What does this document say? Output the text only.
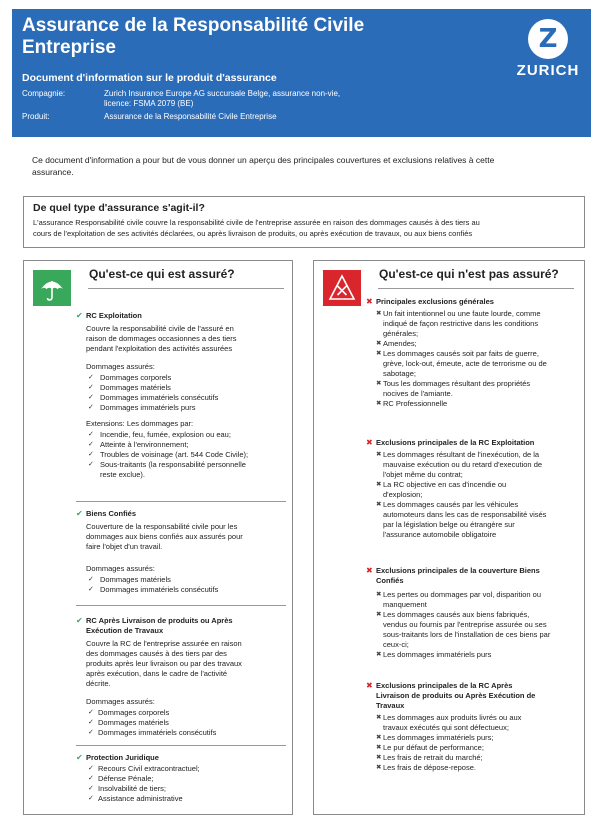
Assurance de la Responsabilité Civile
Entreprise
Document d'information sur le produit d'assurance
Compagnie:	Zurich Insurance Europe AG succursale Belge, assurance non-vie,
licence: FSMA 2079 (BE)
Produit:	Assurance de la Responsabilité Civile Entreprise
Z
ZURICH
Ce document d'information a pour but de vous donner un aperçu des principales couvertures et exclusions relatives à cette
assurance.
De quel type d'assurance s'agit-il?
L'assurance Responsabilité civile couvre la responsabilité civile de l'entreprise assurée en raison des dommages causés à des tiers au
cours de l'exploitation de ses activités déclarées, ou après livraison de produits, ou après exécution de travaux, ou aux biens confiés
Qu'est-ce qui est assuré?
✔ RC Exploitation
Couvre la responsabilité civile de l'assuré en
raison de dommages occasionnes a des tiers
pendant l'exploitation des activités assurées
Dommages assurés:
✓ Dommages corporels
✓ Dommages matériels
✓ Dommages immatériels consécutifs
✓ Dommages immatériels purs
Extensions: Les dommages par:
✓ Incendie, feu, fumée, explosion ou eau;
✓ Atteinte à l'environnement;
✓ Troubles de voisinage (art. 544 Code Civile);
✓ Sous-traitants (la responsabilité personnelle
reste exclue).
✔ Biens Confiés
Couverture de la responsabilité civile pour les
dommages aux biens confiés aux assurés pour
faire l'objet d'un travail.
Dommages assurés:
✓ Dommages matériels
✓ Dommages immatériels consécutifs
✔ RC Après Livraison de produits ou Après
Exécution de Travaux
Couvre la RC de l'entreprise assurée en raison
des dommages causés à des tiers par des
produits après leur livraison ou par des travaux
après exécution, dans le cadre de l'activité
décrite.
Dommages assurés:
✓ Dommages corporels
✓ Dommages matériels
✓ Dommages immatériels consécutifs
✔ Protection Juridique
✓ Recours Civil extracontractuel;
✓ Défense Pénale;
✓ Insolvabilité de tiers;
✓ Assistance administrative
Qu'est-ce qui n'est pas assuré?
✖ Principales exclusions générales
✖ Un fait intentionnel ou une faute lourde, comme
indiqué de façon restrictive dans les conditions
générales;
✖ Amendes;
✖ Les dommages causés soit par faits de guerre,
grève, lock-out, émeute, acte de terrorisme ou de
sabotage;
✖ Tous les dommages résultant des propriétés
nocives de l'amiante.
✖ RC Professionnelle
✖ Exclusions principales de la RC Exploitation
✖ Les dommages résultant de l'inexécution, de la
mauvaise exécution ou du retard d'execution de
l'objet même du contrat;
✖ La RC objective en cas d'incendie ou
d'explosion;
✖ Les dommages causés par les véhicules
automoteurs dans les cas de responsabilité visés
par la législation belge ou étrangère sur
l'assurance automobile obligatoire
✖ Exclusions principales de la couverture Biens
Confiés
✖ Les pertes ou dommages par vol, disparition ou
manquement
✖ Les dommages causés aux biens fabriqués,
vendus ou fournis par l'entreprise assurée ou ses
sous-traitants lors de l'installation de ces biens par
ceux-ci;
✖ Les dommages immatériels purs
✖ Exclusions principales de la RC Après
Livraison de produits ou Après Exécution de
Travaux
✖ Les dommages aux produits livrés ou aux
travaux exécutés qui sont défectueux;
✖ Les dommages immatériels purs;
✖ Le pur défaut de performance;
✖ Les frais de retrait du marché;
✖ Les frais de dépose-repose.
